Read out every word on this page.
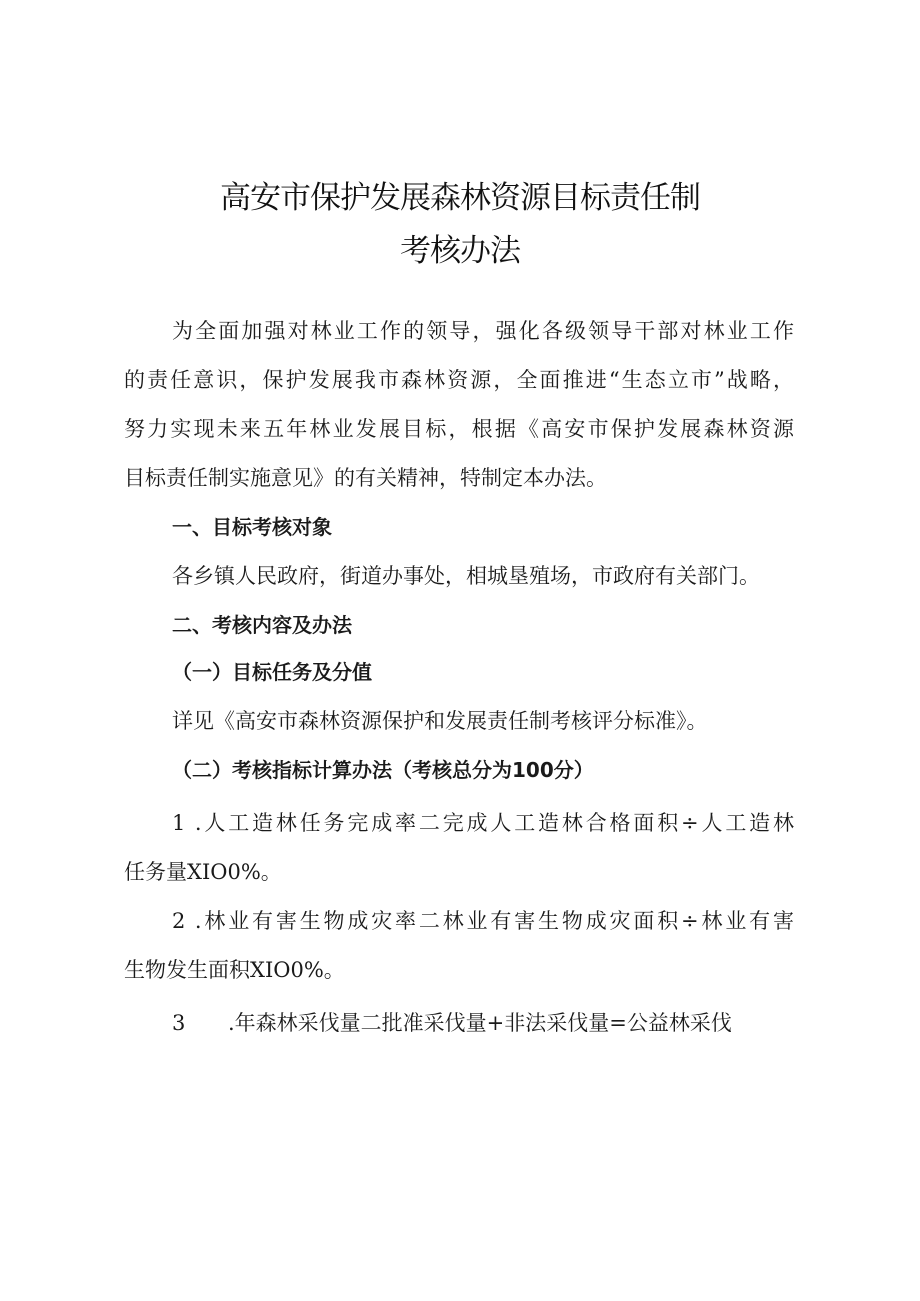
高安市保护发展森林资源目标责任制
考核办法
为全面加强对林业工作的领导，强化各级领导干部对林业工作
的责任意识，保护发展我市森林资源，全面推进“生态立市”战略，
努力实现未来五年林业发展目标，根据《高安市保护发展森林资源
目标责任制实施意见》的有关精神，特制定本办法。
一、目标考核对象
各乡镇人民政府，街道办事处，相城垦殖场，市政府有关部门。
二、考核内容及办法
（一）目标任务及分值
详见《高安市森林资源保护和发展责任制考核评分标准》。
（二）考核指标计算办法（考核总分为100分）
1 .人工造林任务完成率二完成人工造林合格面积÷人工造林
任务量XIO0%。
2 .林业有害生物成灾率二林业有害生物成灾面积÷林业有害
生物发生面积XIO0%。
3	.年森林采伐量二批准采伐量+非法采伐量=公益林采伐
